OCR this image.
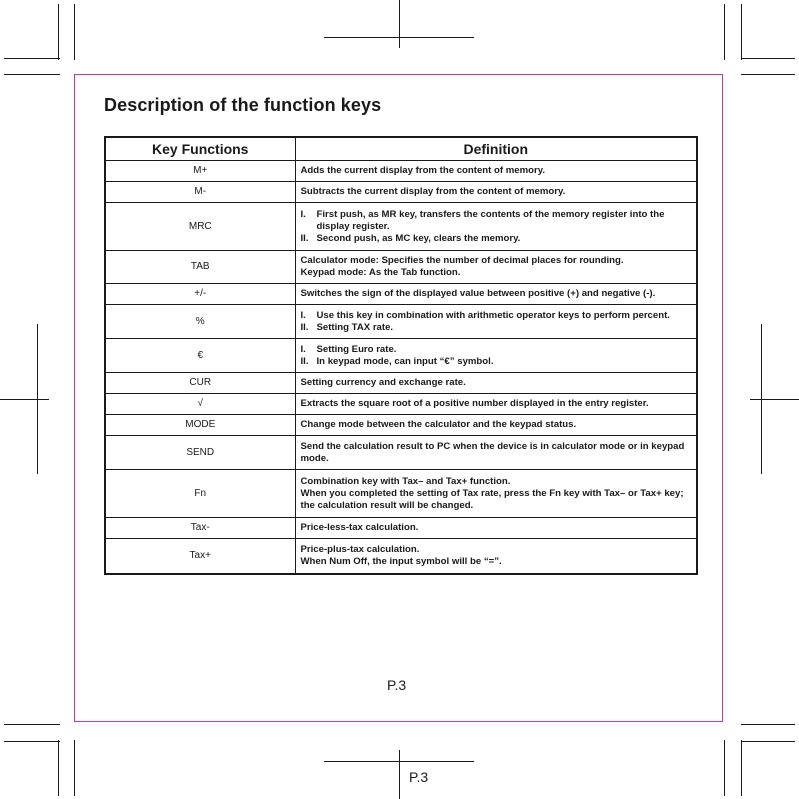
Description of the function keys
Key Functions	Definition
M+	Adds the current display from the content of memory.

M-	Subtracts the current display from the content of memory.

MRC	I. First push, as MR key, transfers the contents of the memory register into the display register.
II. Second push, as MC key, clears the memory.

TAB	Calculator mode: Specifies the number of decimal places for rounding.
Keypad mode: As the Tab function.

+/-	Switches the sign of the displayed value between positive (+) and negative (-).

%	I. Use this key in combination with arithmetic operator keys to perform percent.
II. Setting TAX rate.

€	I. Setting Euro rate.
II. In keypad mode, can input “€” symbol.

CUR	Setting currency and exchange rate.

√	Extracts the square root of a positive number displayed in the entry register.

MODE	Change mode between the calculator and the keypad status.

SEND	Send the calculation result to PC when the device is in calculator mode or in keypad mode.

Fn	Combination key with Tax– and Tax+ function.
When you completed the setting of Tax rate, press the Fn key with Tax– or Tax+ key; the calculation result will be changed.

Tax-	Price-less-tax calculation.

Tax+	Price-plus-tax calculation.
When Num Off, the input symbol will be “=”.
P.3
P.3
